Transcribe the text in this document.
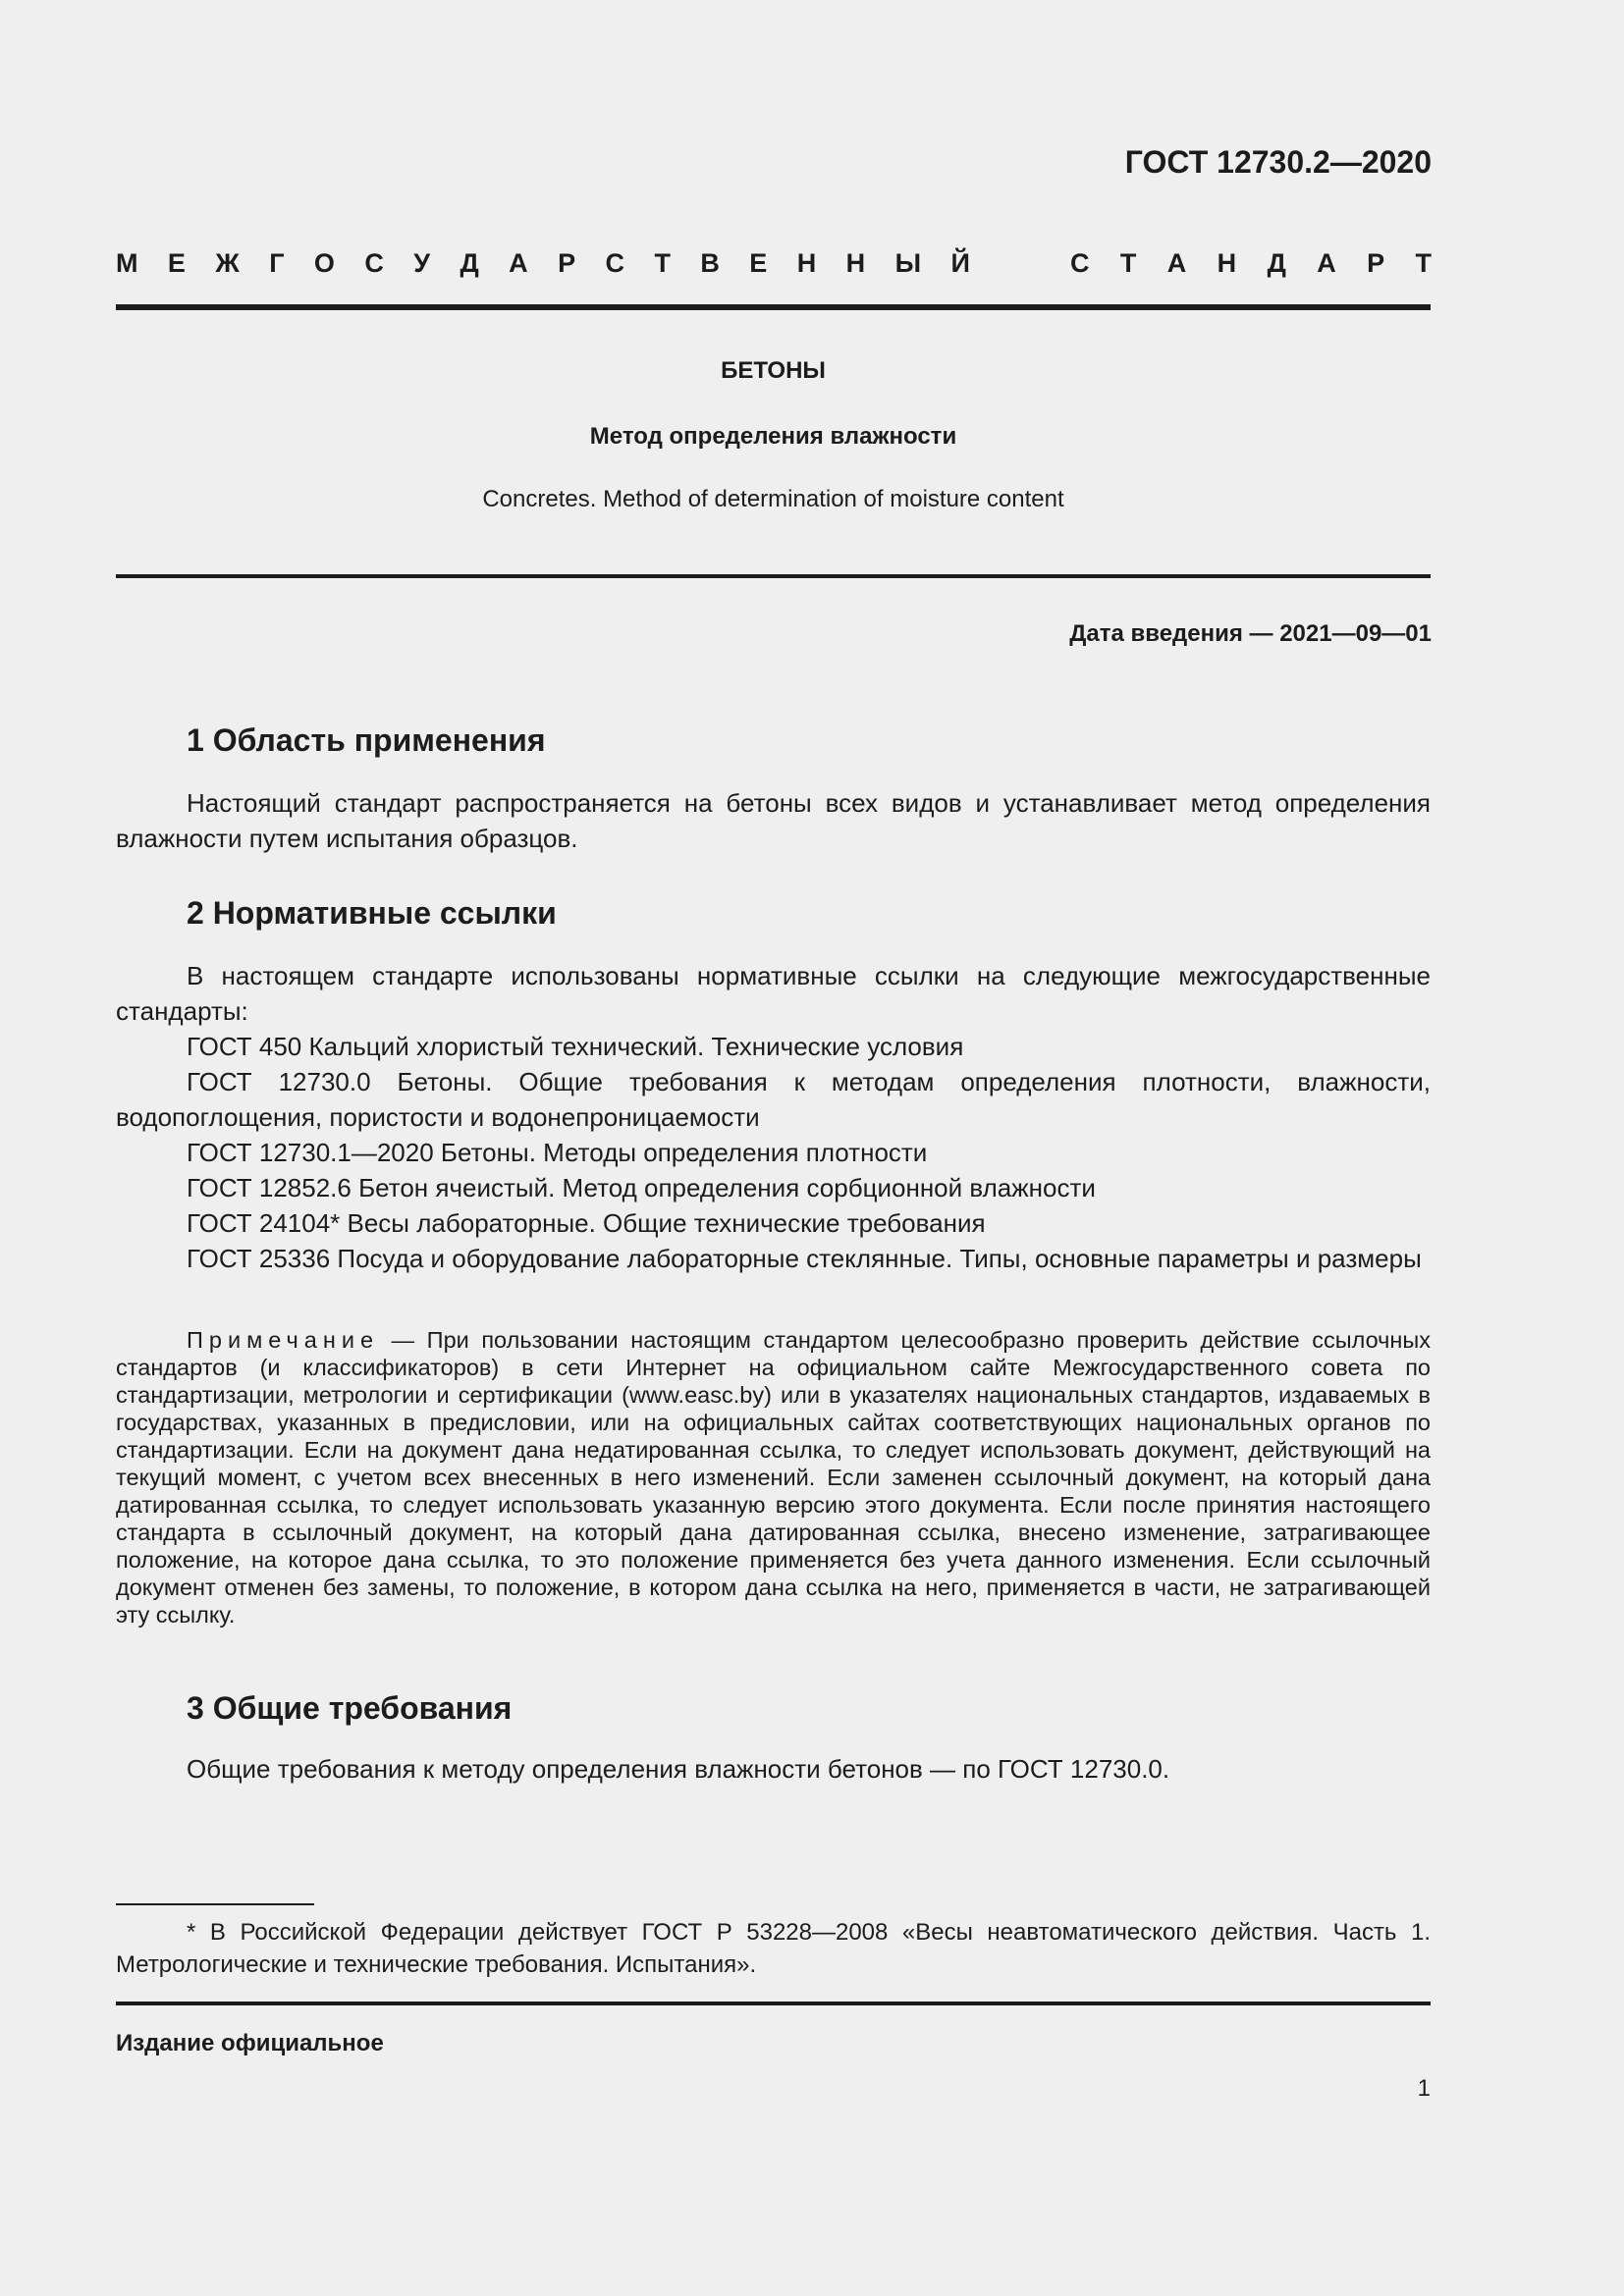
ГОСТ 12730.2—2020
М Е Ж Г О С У Д А Р С Т В Е Н Н Ы Й	С Т А Н Д А Р Т
БЕТОНЫ
Метод определения влажности
Concretes. Method of determination of moisture content
Дата введения — 2021—09—01
1 Область применения
Настоящий стандарт распространяется на бетоны всех видов и устанавливает метод определения влажности путем испытания образцов.
2 Нормативные ссылки
В настоящем стандарте использованы нормативные ссылки на следующие межгосударственные стандарты:
ГОСТ 450 Кальций хлористый технический. Технические условия
ГОСТ 12730.0 Бетоны. Общие требования к методам определения плотности, влажности, водопоглощения, пористости и водонепроницаемости
ГОСТ 12730.1—2020 Бетоны. Методы определения плотности
ГОСТ 12852.6 Бетон ячеистый. Метод определения сорбционной влажности
ГОСТ 24104* Весы лабораторные. Общие технические требования
ГОСТ 25336 Посуда и оборудование лабораторные стеклянные. Типы, основные параметры и размеры
Примечание — При пользовании настоящим стандартом целесообразно проверить действие ссылочных стандартов (и классификаторов) в сети Интернет на официальном сайте Межгосударственного совета по стандартизации, метрологии и сертификации (www.easc.by) или в указателях национальных стандартов, издаваемых в государствах, указанных в предисловии, или на официальных сайтах соответствующих национальных органов по стандартизации. Если на документ дана недатированная ссылка, то следует использовать документ, действующий на текущий момент, с учетом всех внесенных в него изменений. Если заменен ссылочный документ, на который дана датированная ссылка, то следует использовать указанную версию этого документа. Если после принятия настоящего стандарта в ссылочный документ, на который дана датированная ссылка, внесено изменение, затрагивающее положение, на которое дана ссылка, то это положение применяется без учета данного изменения. Если ссылочный документ отменен без замены, то положение, в котором дана ссылка на него, применяется в части, не затрагивающей эту ссылку.
3 Общие требования
Общие требования к методу определения влажности бетонов — по ГОСТ 12730.0.
* В Российской Федерации действует ГОСТ Р 53228—2008 «Весы неавтоматического действия. Часть 1. Метрологические и технические требования. Испытания».
Издание официальное
1
